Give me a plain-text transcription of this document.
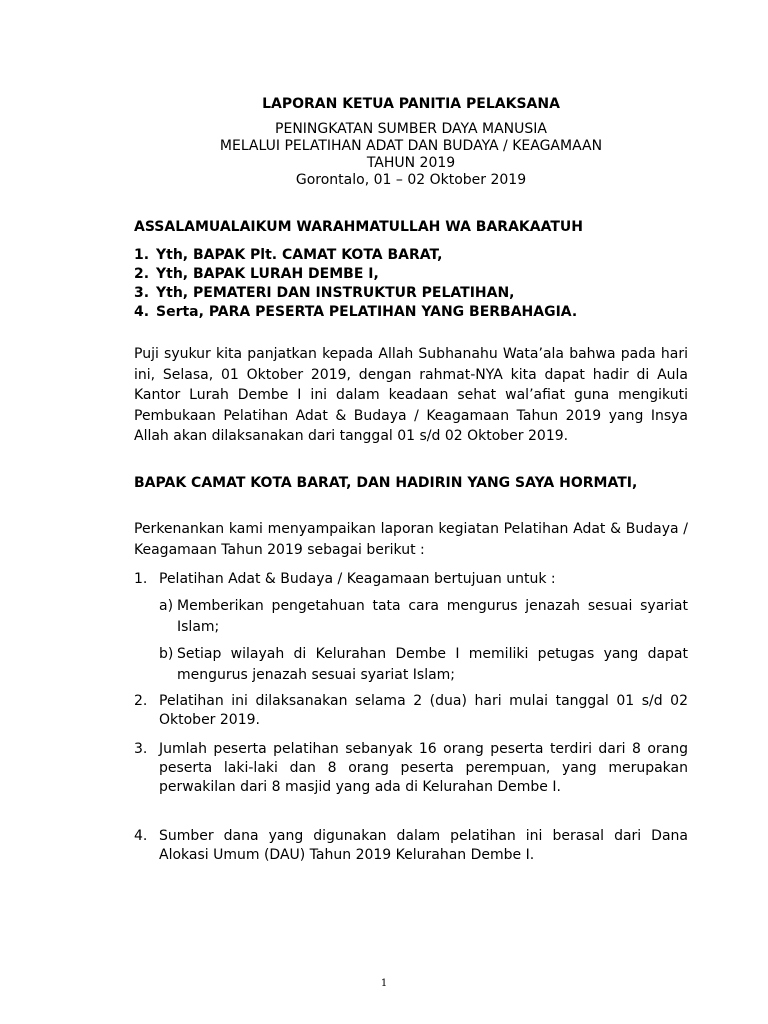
LAPORAN KETUA PANITIA PELAKSANA
PENINGKATAN SUMBER DAYA MANUSIA
MELALUI PELATIHAN ADAT DAN BUDAYA / KEAGAMAAN
TAHUN 2019
Gorontalo, 01 – 02 Oktober 2019
ASSALAMUALAIKUM WARAHMATULLAH WA BARAKAATUH
1. Yth, BAPAK Plt. CAMAT KOTA BARAT,
2. Yth, BAPAK LURAH DEMBE I,
3. Yth, PEMATERI DAN INSTRUKTUR PELATIHAN,
4. Serta, PARA PESERTA PELATIHAN YANG BERBAHAGIA.
Puji syukur kita panjatkan kepada Allah Subhanahu Wata’ala bahwa pada hari ini, Selasa, 01 Oktober 2019, dengan rahmat-NYA kita dapat hadir di Aula Kantor Lurah Dembe I ini dalam keadaan sehat wal’afiat guna mengikuti Pembukaan Pelatihan Adat & Budaya / Keagamaan Tahun 2019 yang Insya Allah akan dilaksanakan dari tanggal 01 s/d 02 Oktober 2019.
BAPAK CAMAT KOTA BARAT, DAN HADIRIN YANG SAYA HORMATI,
Perkenankan kami menyampaikan laporan kegiatan Pelatihan Adat & Budaya / Keagamaan Tahun 2019 sebagai berikut :
1. Pelatihan Adat & Budaya / Keagamaan bertujuan untuk :
a) Memberikan pengetahuan tata cara mengurus jenazah sesuai syariat Islam;
b) Setiap wilayah di Kelurahan Dembe I memiliki petugas yang dapat mengurus jenazah sesuai syariat Islam;
2. Pelatihan ini dilaksanakan selama 2 (dua) hari mulai tanggal 01 s/d 02 Oktober 2019.
3. Jumlah peserta pelatihan sebanyak 16 orang peserta terdiri dari 8 orang peserta laki-laki dan 8 orang peserta perempuan, yang merupakan perwakilan dari 8 masjid yang ada di Kelurahan Dembe I.
4. Sumber dana yang digunakan dalam pelatihan ini berasal dari Dana Alokasi Umum (DAU) Tahun 2019 Kelurahan Dembe I.
1
